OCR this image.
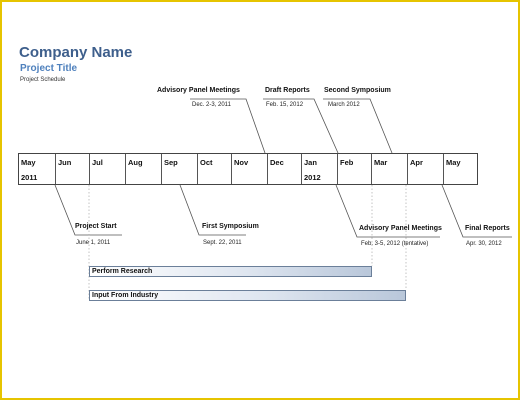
Company Name
Project Title
Project Schedule
May
2011
Jun	Jul	Aug	Sep	Oct	Nov	Dec	Jan
2012
Feb	Mar	Apr	May
Advisory Panel Meetings
Dec. 2-3, 2011
Draft Reports
Feb. 15, 2012
Second Symposium
March 2012
Project Start
June 1, 2011
First Symposium
Sept. 22, 2011
Advisory Panel Meetings
Feb. 3-5, 2012 (tentative)
Final Reports
Apr. 30, 2012
Perform Research
Input From Industry
